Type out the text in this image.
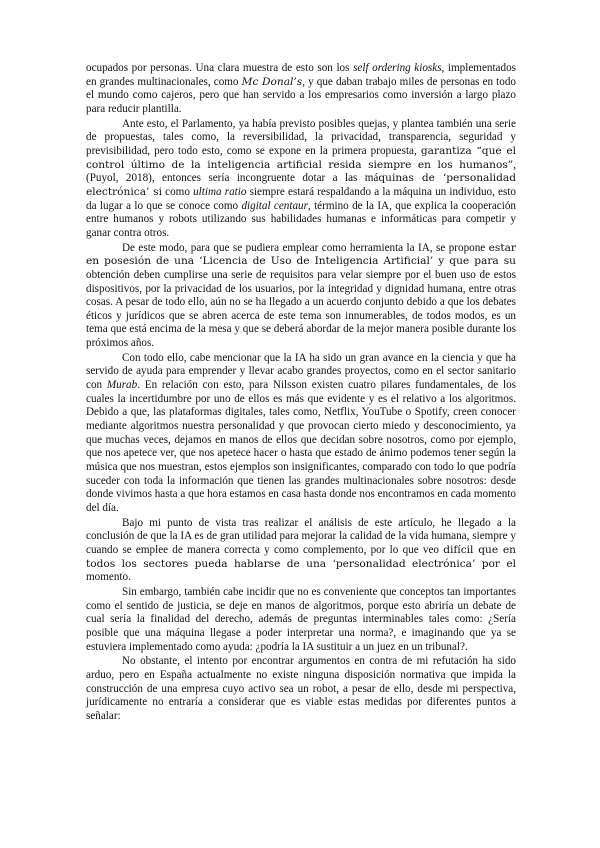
ocupados por personas. Una clara muestra de esto son los self ordering kiosks, implementados en grandes multinacionales, como Mc Donal’s, y que daban trabajo miles de personas en todo el mundo como cajeros, pero que han servido a los empresarios como inversión a largo plazo para reducir plantilla.

Ante esto, el Parlamento, ya había previsto posibles quejas, y plantea también una serie de propuestas, tales como, la reversibilidad, la privacidad, transparencia, seguridad y previsibilidad, pero todo esto, como se expone en la primera propuesta, garantiza “que el control último de la inteligencia artificial resida siempre en los humanos”, (Puyol, 2018), entonces sería incongruente dotar a las máquinas de ‘personalidad electrónica’ si como ultima ratio siempre estará respaldando a la máquina un individuo, esto da lugar a lo que se conoce como digital centaur, término de la IA, que explica la cooperación entre humanos y robots utilizando sus habilidades humanas e informáticas para competir y ganar contra otros.

De este modo, para que se pudiera emplear como herramienta la IA, se propone estar en posesión de una ‘Licencia de Uso de Inteligencia Artificial’ y que para su obtención deben cumplirse una serie de requisitos para velar siempre por el buen uso de estos dispositivos, por la privacidad de los usuarios, por la integridad y dignidad humana, entre otras cosas. A pesar de todo ello, aún no se ha llegado a un acuerdo conjunto debido a que los debates éticos y jurídicos que se abren acerca de este tema son innumerables, de todos modos, es un tema que está encima de la mesa y que se deberá abordar de la mejor manera posible durante los próximos años.

Con todo ello, cabe mencionar que la IA ha sido un gran avance en la ciencia y que ha servido de ayuda para emprender y llevar acabo grandes proyectos, como en el sector sanitario con Murab. En relación con esto, para Nilsson existen cuatro pilares fundamentales, de los cuales la incertidumbre por uno de ellos es más que evidente y es el relativo a los algoritmos. Debido a que, las plataformas digitales, tales como, Netflix, YouTube o Spotify, creen conocer mediante algoritmos nuestra personalidad y que provocan cierto miedo y desconocimiento, ya que muchas veces, dejamos en manos de ellos que decidan sobre nosotros, como por ejemplo, que nos apetece ver, que nos apetece hacer o hasta que estado de ánimo podemos tener según la música que nos muestran, estos ejemplos son insignificantes, comparado con todo lo que podría suceder con toda la información que tienen las grandes multinacionales sobre nosotros: desde donde vivimos hasta a que hora estamos en casa hasta donde nos encontramos en cada momento del día.

Bajo mi punto de vista tras realizar el análisis de este artículo, he llegado a la conclusión de que la IA es de gran utilidad para mejorar la calidad de la vida humana, siempre y cuando se emplee de manera correcta y como complemento, por lo que veo difícil que en todos los sectores pueda hablarse de una ‘personalidad electrónica’ por el momento.

Sin embargo, también cabe incidir que no es conveniente que conceptos tan importantes como el sentido de justicia, se deje en manos de algoritmos, porque esto abriría un debate de cual sería la finalidad del derecho, además de preguntas interminables tales como: ¿Sería posible que una máquina llegase a poder interpretar una norma?, e imaginando que ya se estuviera implementado como ayuda: ¿podría la IA sustituir a un juez en un tribunal?.

No obstante, el intento por encontrar argumentos en contra de mi refutación ha sido arduo, pero en España actualmente no existe ninguna disposición normativa que impida la construcción de una empresa cuyo activo sea un robot, a pesar de ello, desde mi perspectiva, jurídicamente no entraría a considerar que es viable estas medidas por diferentes puntos a señalar:
